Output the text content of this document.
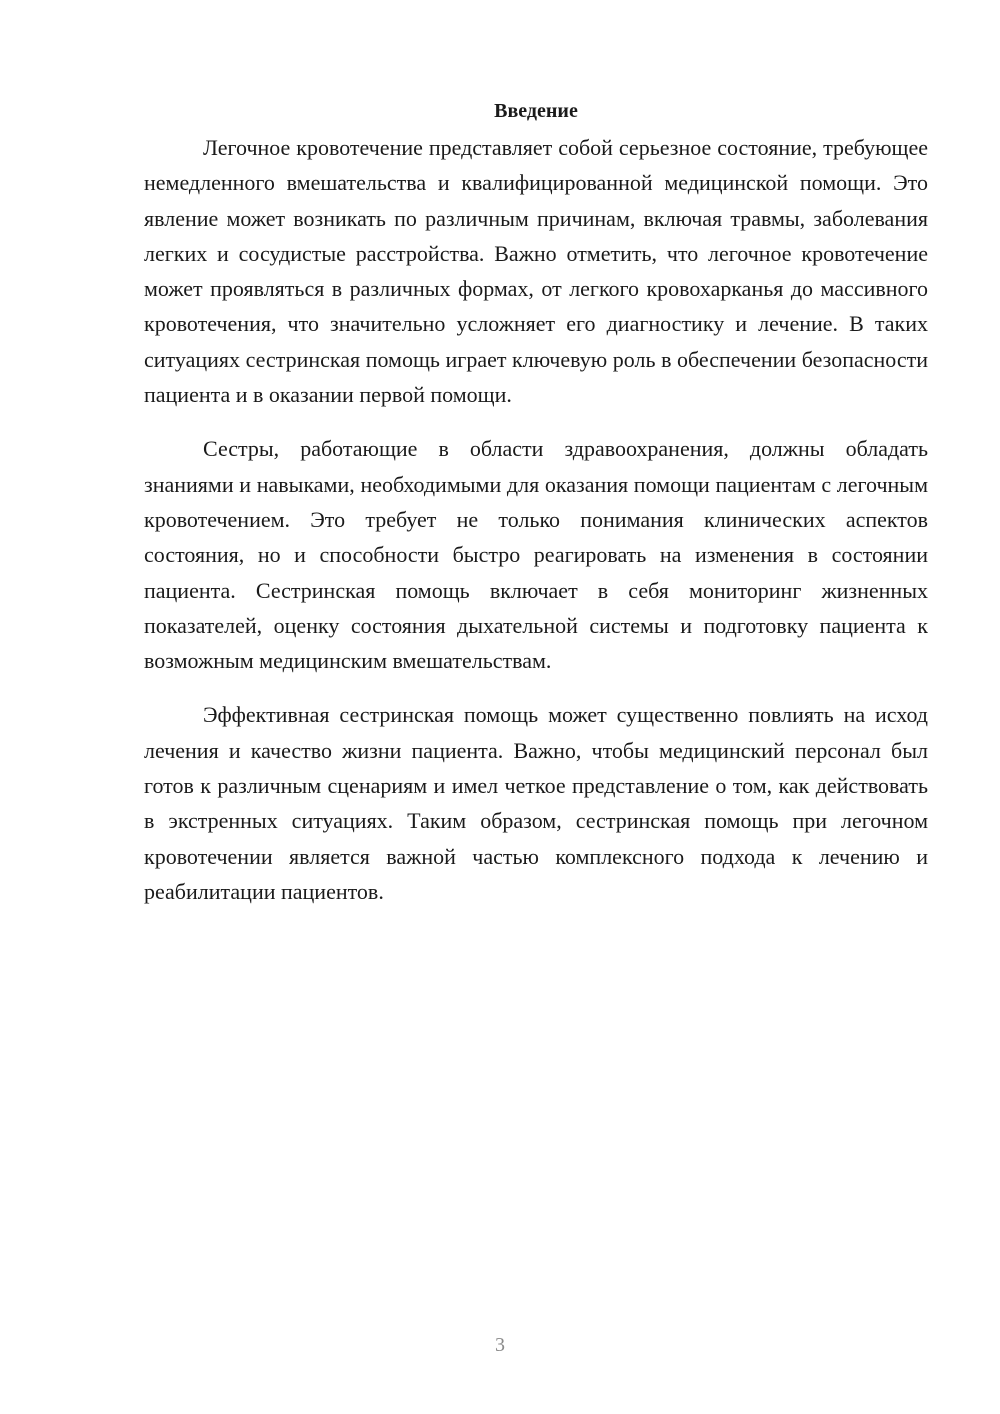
Введение

Легочное кровотечение представляет собой серьезное состояние, требующее немедленного вмешательства и квалифицированной медицинской помощи. Это явление может возникать по различным причинам, включая травмы, заболевания легких и сосудистые расстройства. Важно отметить, что легочное кровотечение может проявляться в различных формах, от легкого кровохарканья до массивного кровотечения, что значительно усложняет его диагностику и лечение. В таких ситуациях сестринская помощь играет ключевую роль в обеспечении безопасности пациента и в оказании первой помощи.

Сестры, работающие в области здравоохранения, должны обладать знаниями и навыками, необходимыми для оказания помощи пациентам с легочным кровотечением. Это требует не только понимания клинических аспектов состояния, но и способности быстро реагировать на изменения в состоянии пациента. Сестринская помощь включает в себя мониторинг жизненных показателей, оценку состояния дыхательной системы и подготовку пациента к возможным медицинским вмешательствам.

Эффективная сестринская помощь может существенно повлиять на исход лечения и качество жизни пациента. Важно, чтобы медицинский персонал был готов к различным сценариям и имел четкое представление о том, как действовать в экстренных ситуациях. Таким образом, сестринская помощь при легочном кровотечении является важной частью комплексного подхода к лечению и реабилитации пациентов.

3
